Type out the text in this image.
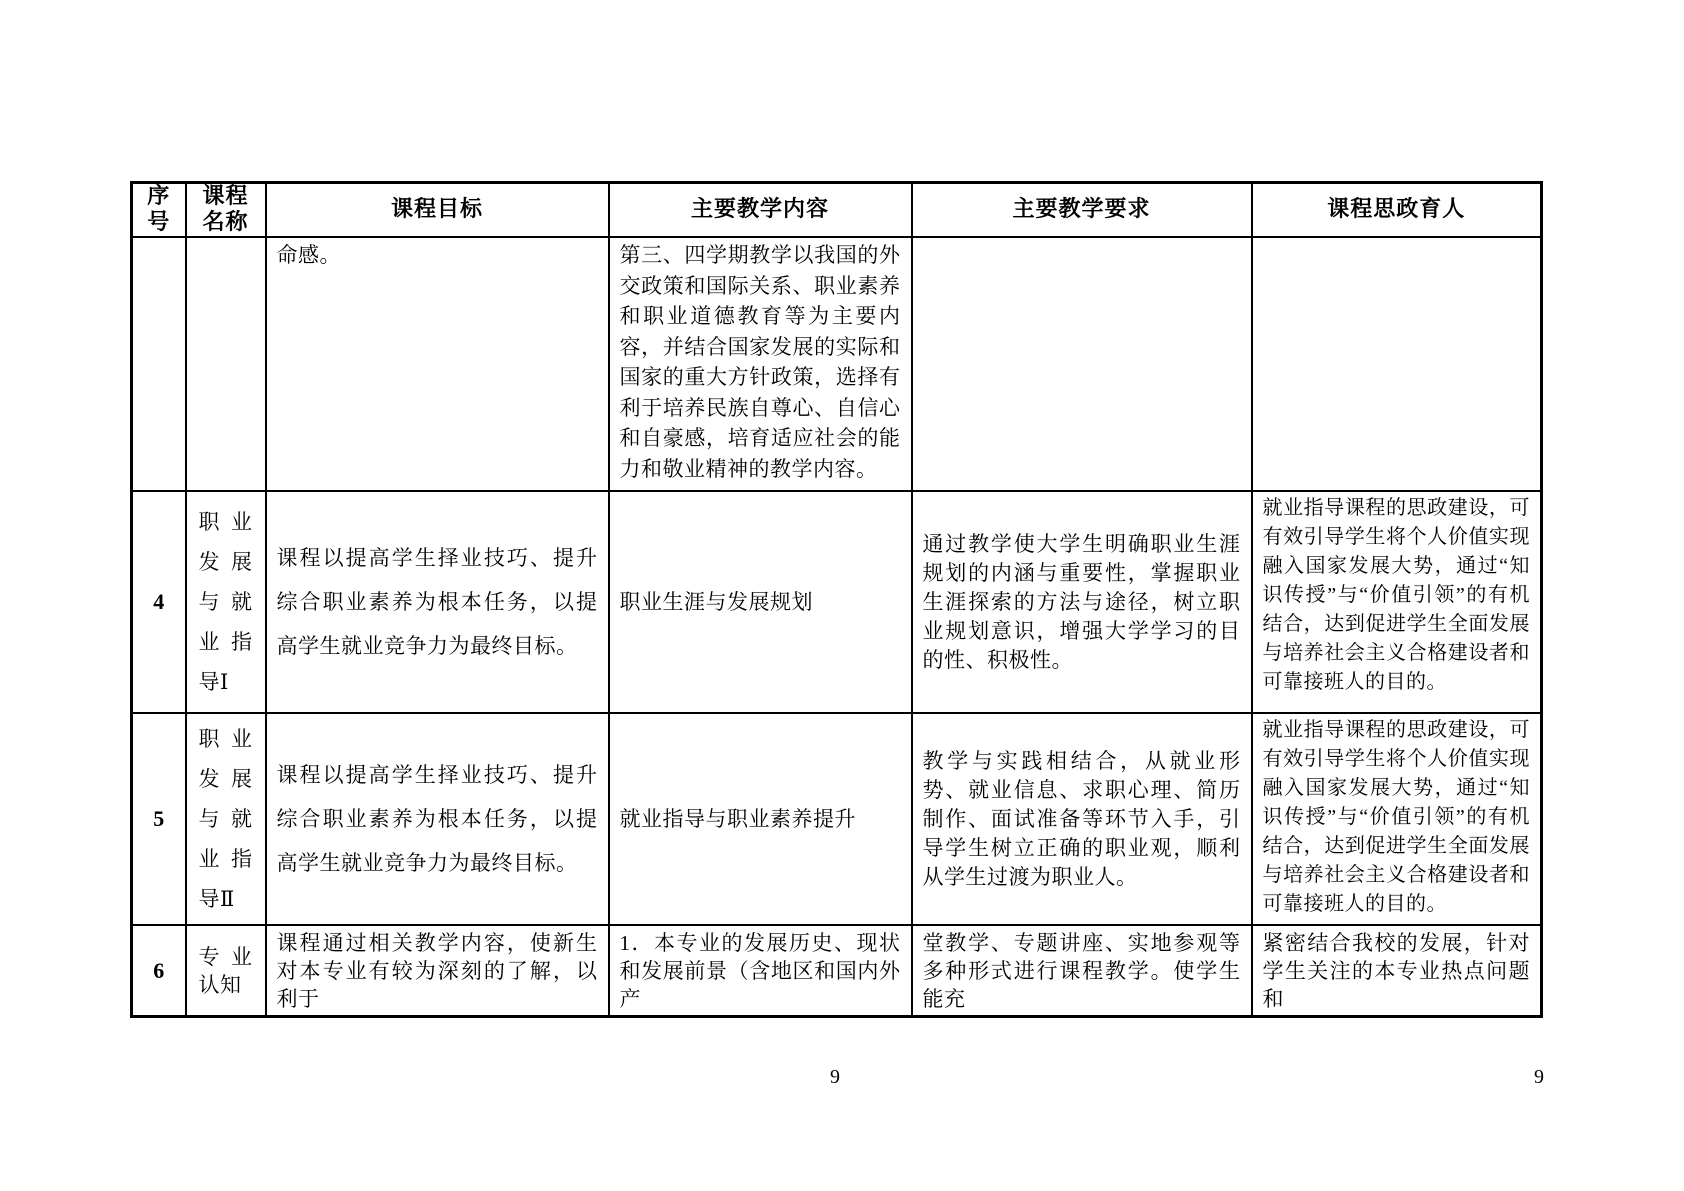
序号	课程名称	课程目标	主要教学内容	主要教学要求	课程思政育人
		命感。	第三、四学期教学以我国的外交政策和国际关系、职业素养和职业道德教育等为主要内容，并结合国家发展的实际和国家的重大方针政策，选择有利于培养民族自尊心、自信心和自豪感，培育适应社会的能力和敬业精神的教学内容。		
4	职业发展与就业指导Ⅰ	课程以提高学生择业技巧、提升综合职业素养为根本任务，以提高学生就业竞争力为最终目标。	职业生涯与发展规划	通过教学使大学生明确职业生涯规划的内涵与重要性，掌握职业生涯探索的方法与途径，树立职业规划意识，增强大学学习的目的性、积极性。	就业指导课程的思政建设，可有效引导学生将个人价值实现融入国家发展大势，通过“知识传授”与“价值引领”的有机结合，达到促进学生全面发展与培养社会主义合格建设者和可靠接班人的目的。
5	职业发展与就业指导Ⅱ	课程以提高学生择业技巧、提升综合职业素养为根本任务，以提高学生就业竞争力为最终目标。	就业指导与职业素养提升	教学与实践相结合，从就业形势、就业信息、求职心理、简历制作、面试准备等环节入手，引导学生树立正确的职业观，顺利从学生过渡为职业人。	就业指导课程的思政建设，可有效引导学生将个人价值实现融入国家发展大势，通过“知识传授”与“价值引领”的有机结合，达到促进学生全面发展与培养社会主义合格建设者和可靠接班人的目的。
6	专业认知	课程通过相关教学内容，使新生对本专业有较为深刻的了解，以利于	1．本专业的发展历史、现状和发展前景（含地区和国内外产	堂教学、专题讲座、实地参观等多种形式进行课程教学。使学生能充	紧密结合我校的发展，针对学生关注的本专业热点问题和
9	9
